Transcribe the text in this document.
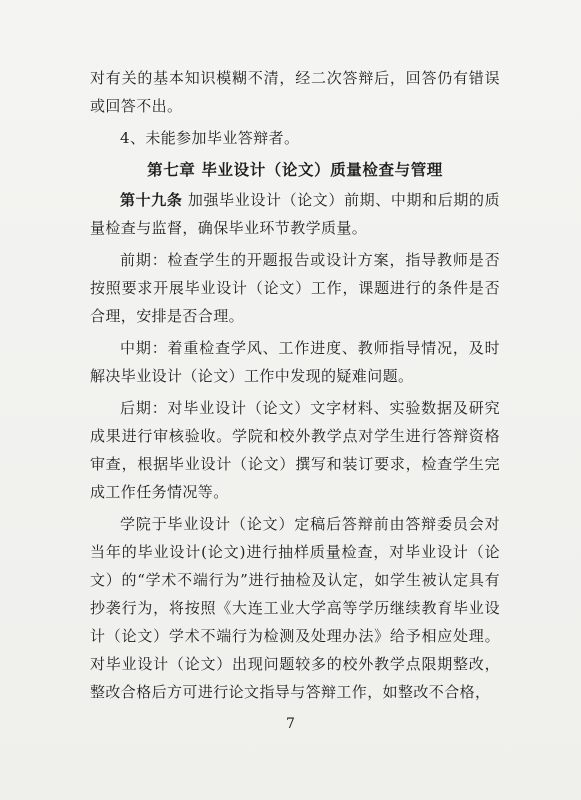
对有关的基本知识模糊不清，经二次答辩后，回答仍有错误或回答不出。

4、未能参加毕业答辩者。

第七章 毕业设计（论文）质量检查与管理

第十九条 加强毕业设计（论文）前期、中期和后期的质量检查与监督，确保毕业环节教学质量。

前期：检查学生的开题报告或设计方案，指导教师是否按照要求开展毕业设计（论文）工作，课题进行的条件是否合理，安排是否合理。

中期：着重检查学风、工作进度、教师指导情况，及时解决毕业设计（论文）工作中发现的疑难问题。

后期：对毕业设计（论文）文字材料、实验数据及研究成果进行审核验收。学院和校外教学点对学生进行答辩资格审查，根据毕业设计（论文）撰写和装订要求，检查学生完成工作任务情况等。

学院于毕业设计（论文）定稿后答辩前由答辩委员会对当年的毕业设计(论文)进行抽样质量检查，对毕业设计（论文）的“学术不端行为”进行抽检及认定，如学生被认定具有抄袭行为，将按照《大连工业大学高等学历继续教育毕业设计（论文）学术不端行为检测及处理办法》给予相应处理。对毕业设计（论文）出现问题较多的校外教学点限期整改，整改合格后方可进行论文指导与答辩工作，如整改不合格，

7
